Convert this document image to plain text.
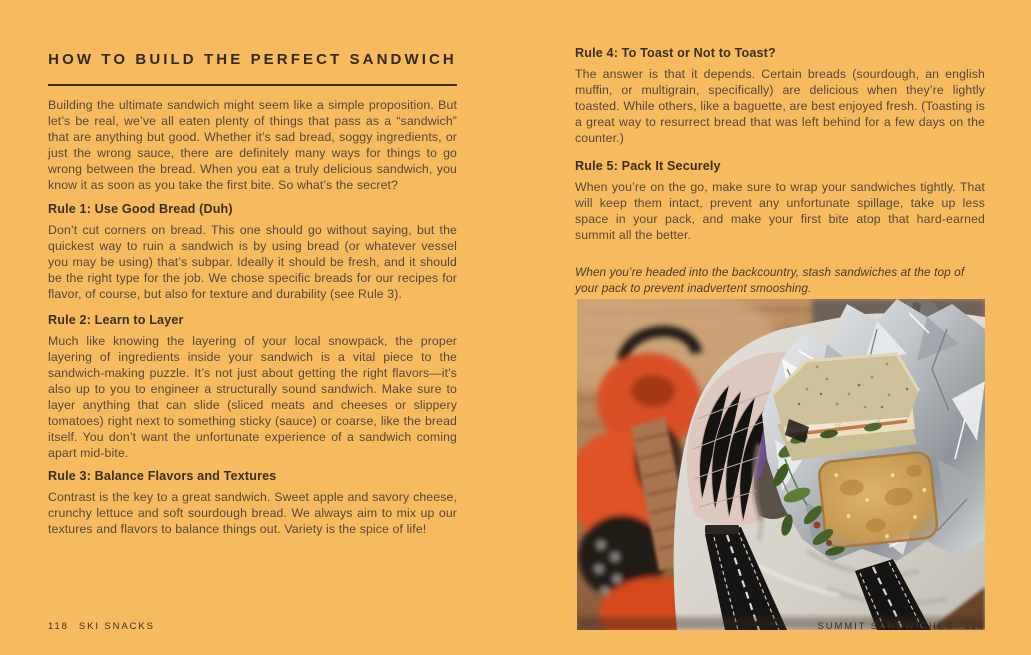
HOW TO BUILD THE PERFECT SANDWICH

Building the ultimate sandwich might seem like a simple proposition. But let’s be real, we’ve all eaten plenty of things that pass as a “sandwich” that are anything but good. Whether it’s sad bread, soggy ingredients, or just the wrong sauce, there are definitely many ways for things to go wrong between the bread. When you eat a truly delicious sandwich, you know it as soon as you take the first bite. So what’s the secret?

Rule 1: Use Good Bread (Duh)

Don’t cut corners on bread. This one should go without saying, but the quickest way to ruin a sandwich is by using bread (or whatever vessel you may be using) that’s subpar. Ideally it should be fresh, and it should be the right type for the job. We chose specific breads for our recipes for flavor, of course, but also for texture and durability (see Rule 3).

Rule 2: Learn to Layer

Much like knowing the layering of your local snowpack, the proper layering of ingredients inside your sandwich is a vital piece to the sandwich-making puzzle. It’s not just about getting the right flavors—it’s also up to you to engineer a structurally sound sandwich. Make sure to layer anything that can slide (sliced meats and cheeses or slippery tomatoes) right next to something sticky (sauce) or coarse, like the bread itself. You don’t want the unfortunate experience of a sandwich coming apart mid-bite.

Rule 3: Balance Flavors and Textures

Contrast is the key to a great sandwich. Sweet apple and savory cheese, crunchy lettuce and soft sourdough bread. We always aim to mix up our textures and flavors to balance things out. Variety is the spice of life!

Rule 4: To Toast or Not to Toast?

The answer is that it depends. Certain breads (sourdough, an english muffin, or multigrain, specifically) are delicious when they’re lightly toasted. While others, like a baguette, are best enjoyed fresh. (Toasting is a great way to resurrect bread that was left behind for a few days on the counter.)

Rule 5: Pack It Securely

When you’re on the go, make sure to wrap your sandwiches tightly. That will keep them intact, prevent any unfortunate spillage, take up less space in your pack, and make your first bite atop that hard-earned summit all the better.

When you’re headed into the backcountry, stash sandwiches at the top of your pack to prevent inadvertent smooshing.

118 SKI SNACKS	SUMMIT SANDWICHES 119
